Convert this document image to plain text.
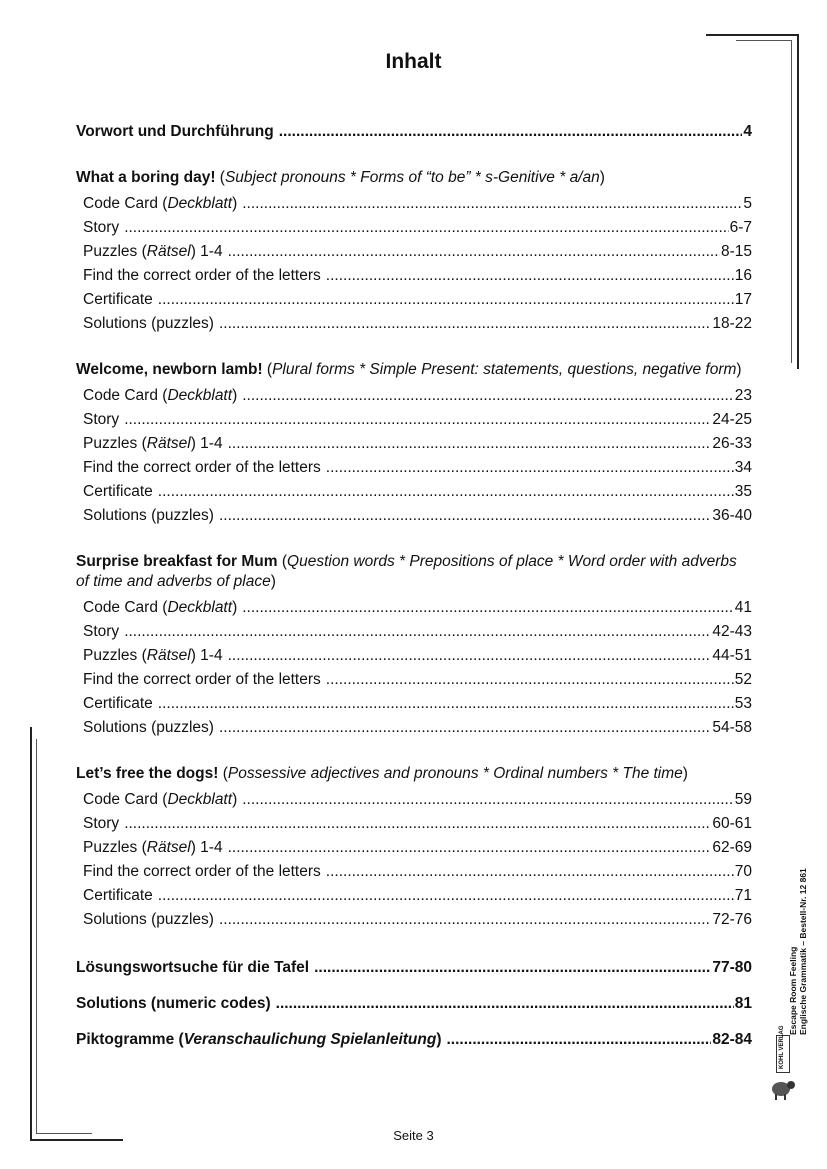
Inhalt
Vorwort und Durchführung .....	4
What a boring day! (Subject pronouns * Forms of “to be” * s-Genitive * a/an)
Code Card (Deckblatt) .....	5
Story .....	6-7
Puzzles (Rätsel) 1-4 .....	8-15
Find the correct order of the letters .....	16
Certificate .....	17
Solutions (puzzles) .....	18-22
Welcome, newborn lamb! (Plural forms * Simple Present: statements, questions, negative form)
Code Card (Deckblatt) .....	23
Story .....	24-25
Puzzles (Rätsel) 1-4 .....	26-33
Find the correct order of the letters .....	34
Certificate .....	35
Solutions (puzzles) .....	36-40
Surprise breakfast for Mum (Question words * Prepositions of place * Word order with adverbs of time and adverbs of place)
Code Card (Deckblatt) .....	41
Story .....	42-43
Puzzles (Rätsel) 1-4 .....	44-51
Find the correct order of the letters .....	52
Certificate .....	53
Solutions (puzzles) .....	54-58
Let’s free the dogs! (Possessive adjectives and pronouns * Ordinal numbers * The time)
Code Card (Deckblatt) .....	59
Story .....	60-61
Puzzles (Rätsel) 1-4 .....	62-69
Find the correct order of the letters .....	70
Certificate .....	71
Solutions (puzzles) .....	72-76
Lösungswortsuche für die Tafel .....	77-80
Solutions (numeric codes) .....	81
Piktogramme (Veranschaulichung Spielanleitung) .....	82-84
Seite 3
Escape Room Feeling Englische Grammatik – Bestell-Nr. 12 861
KOHL VERLAG
